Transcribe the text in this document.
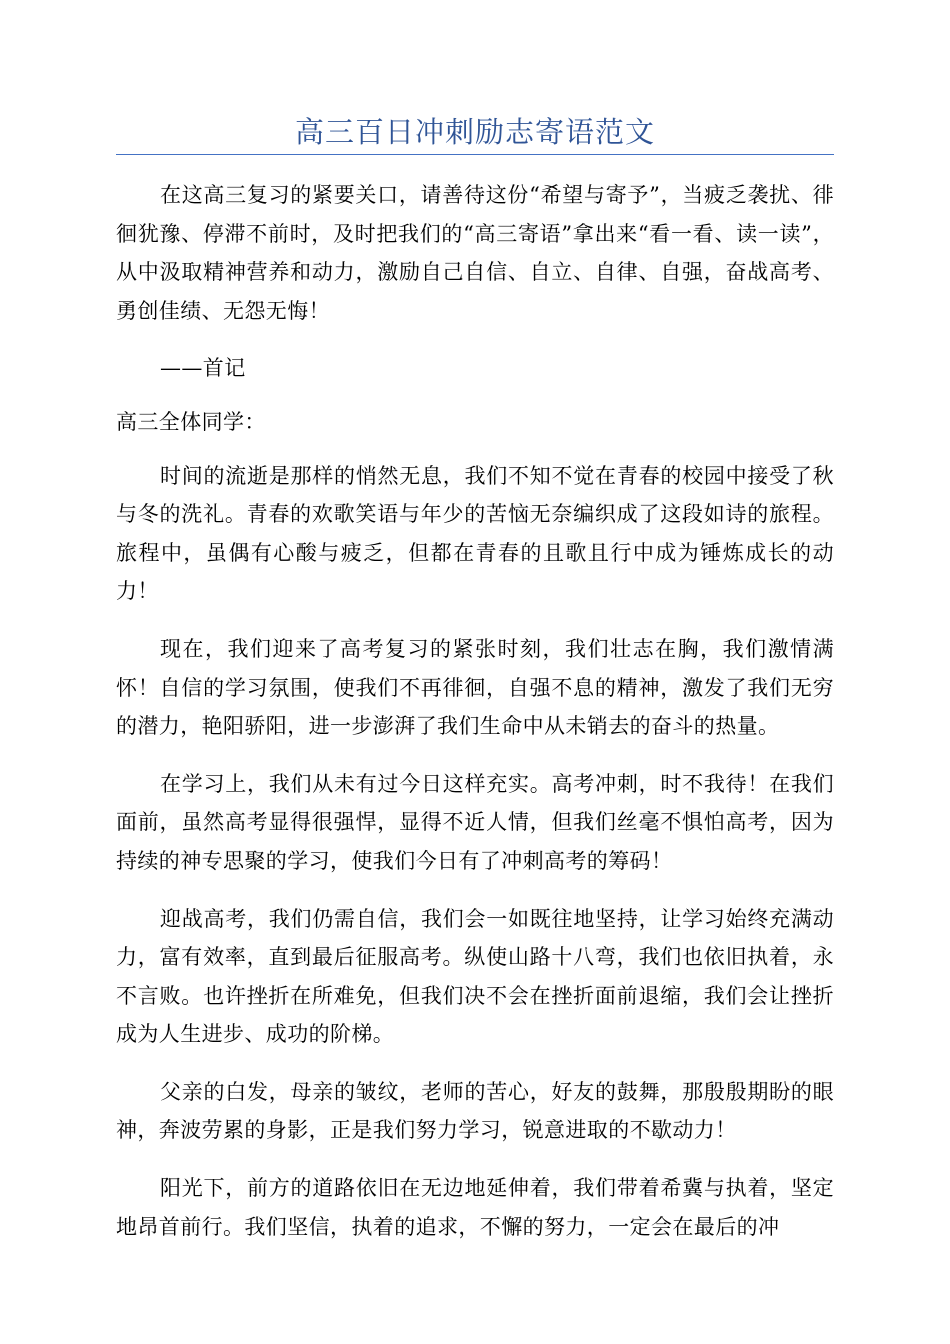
高三百日冲刺励志寄语范文

在这高三复习的紧要关口，请善待这份“希望与寄予”，当疲乏袭扰、徘徊犹豫、停滞不前时，及时把我们的“高三寄语”拿出来“看一看、读一读”，从中汲取精神营养和动力，激励自己自信、自立、自律、自强，奋战高考、勇创佳绩、无怨无悔！

——首记

高三全体同学：

时间的流逝是那样的悄然无息，我们不知不觉在青春的校园中接受了秋与冬的洗礼。青春的欢歌笑语与年少的苦恼无奈编织成了这段如诗的旅程。旅程中，虽偶有心酸与疲乏，但都在青春的且歌且行中成为锤炼成长的动力！

现在，我们迎来了高考复习的紧张时刻，我们壮志在胸，我们激情满怀！自信的学习氛围，使我们不再徘徊，自强不息的精神，激发了我们无穷的潜力，艳阳骄阳，进一步澎湃了我们生命中从未销去的奋斗的热量。

在学习上，我们从未有过今日这样充实。高考冲刺，时不我待！在我们面前，虽然高考显得很强悍，显得不近人情，但我们丝毫不惧怕高考，因为持续的神专思聚的学习，使我们今日有了冲刺高考的筹码！

迎战高考，我们仍需自信，我们会一如既往地坚持，让学习始终充满动力，富有效率，直到最后征服高考。纵使山路十八弯，我们也依旧执着，永不言败。也许挫折在所难免，但我们决不会在挫折面前退缩，我们会让挫折成为人生进步、成功的阶梯。

父亲的白发，母亲的皱纹，老师的苦心，好友的鼓舞，那殷殷期盼的眼神，奔波劳累的身影，正是我们努力学习，锐意进取的不歇动力！

阳光下，前方的道路依旧在无边地延伸着，我们带着希冀与执着，坚定地昂首前行。我们坚信，执着的追求，不懈的努力，一定会在最后的冲
